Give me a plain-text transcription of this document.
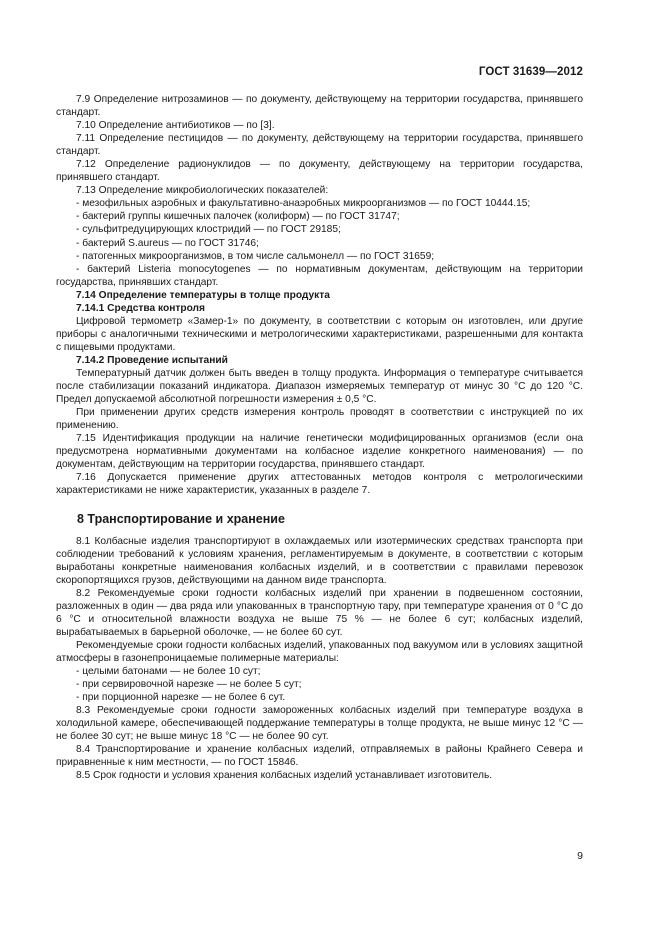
ГОСТ 31639—2012

7.9 Определение нитрозаминов — по документу, действующему на территории государства, принявшего стандарт.

7.10 Определение антибиотиков — по [3].

7.11 Определение пестицидов — по документу, действующему на территории государства, принявшего стандарт.

7.12 Определение радионуклидов — по документу, действующему на территории государства, принявшего стандарт.

7.13 Определение микробиологических показателей:

- мезофильных аэробных и факультативно-анаэробных микроорганизмов — по ГОСТ 10444.15;

- бактерий группы кишечных палочек (колиформ) — по ГОСТ 31747;

- сульфитредуцирующих клостридий — по ГОСТ 29185;

- бактерий S.aureus — по ГОСТ 31746;

- патогенных микроорганизмов, в том числе сальмонелл — по ГОСТ 31659;

- бактерий Listeria monocytogenes — по нормативным документам, действующим на территории государства, принявших стандарт.

7.14 Определение температуры в толще продукта

7.14.1 Средства контроля

Цифровой термометр «Замер-1» по документу, в соответствии с которым он изготовлен, или другие приборы с аналогичными техническими и метрологическими характеристиками, разрешенными для контакта с пищевыми продуктами.

7.14.2 Проведение испытаний

Температурный датчик должен быть введен в толщу продукта. Информация о температуре считывается после стабилизации показаний индикатора. Диапазон измеряемых температур от минус 30 °С до 120 °С. Предел допускаемой абсолютной погрешности измерения ± 0,5 °С.

При применении других средств измерения контроль проводят в соответствии с инструкцией по их применению.

7.15 Идентификация продукции на наличие генетически модифицированных организмов (если она предусмотрена нормативными документами на колбасное изделие конкретного наименования) — по документам, действующим на территории государства, принявшего стандарт.

7.16 Допускается применение других аттестованных методов контроля с метрологическими характеристиками не ниже характеристик, указанных в разделе 7.

8 Транспортирование и хранение

8.1 Колбасные изделия транспортируют в охлаждаемых или изотермических средствах транспорта при соблюдении требований к условиям хранения, регламентируемым в документе, в соответствии с которым выработаны конкретные наименования колбасных изделий, и в соответствии с правилами перевозок скоропортящихся грузов, действующими на данном виде транспорта.

8.2 Рекомендуемые сроки годности колбасных изделий при хранении в подвешенном состоянии, разложенных в один — два ряда или упакованных в транспортную тару, при температуре хранения от 0 °С до 6 °С и относительной влажности воздуха не выше 75 % — не более 6 сут; колбасных изделий, вырабатываемых в барьерной оболочке, — не более 60 сут.

Рекомендуемые сроки годности колбасных изделий, упакованных под вакуумом или в условиях защитной атмосферы в газонепроницаемые полимерные материалы:

- целыми батонами — не более 10 сут;

- при сервировочной нарезке — не более 5 сут;

- при порционной нарезке — не более 6 сут.

8.3 Рекомендуемые сроки годности замороженных колбасных изделий при температуре воздуха в холодильной камере, обеспечивающей поддержание температуры в толще продукта, не выше минус 12 °С — не более 30 сут; не выше минус 18 °С — не более 90 сут.

8.4 Транспортирование и хранение колбасных изделий, отправляемых в районы Крайнего Севера и приравненные к ним местности, — по ГОСТ 15846.

8.5 Срок годности и условия хранения колбасных изделий устанавливает изготовитель.

9
